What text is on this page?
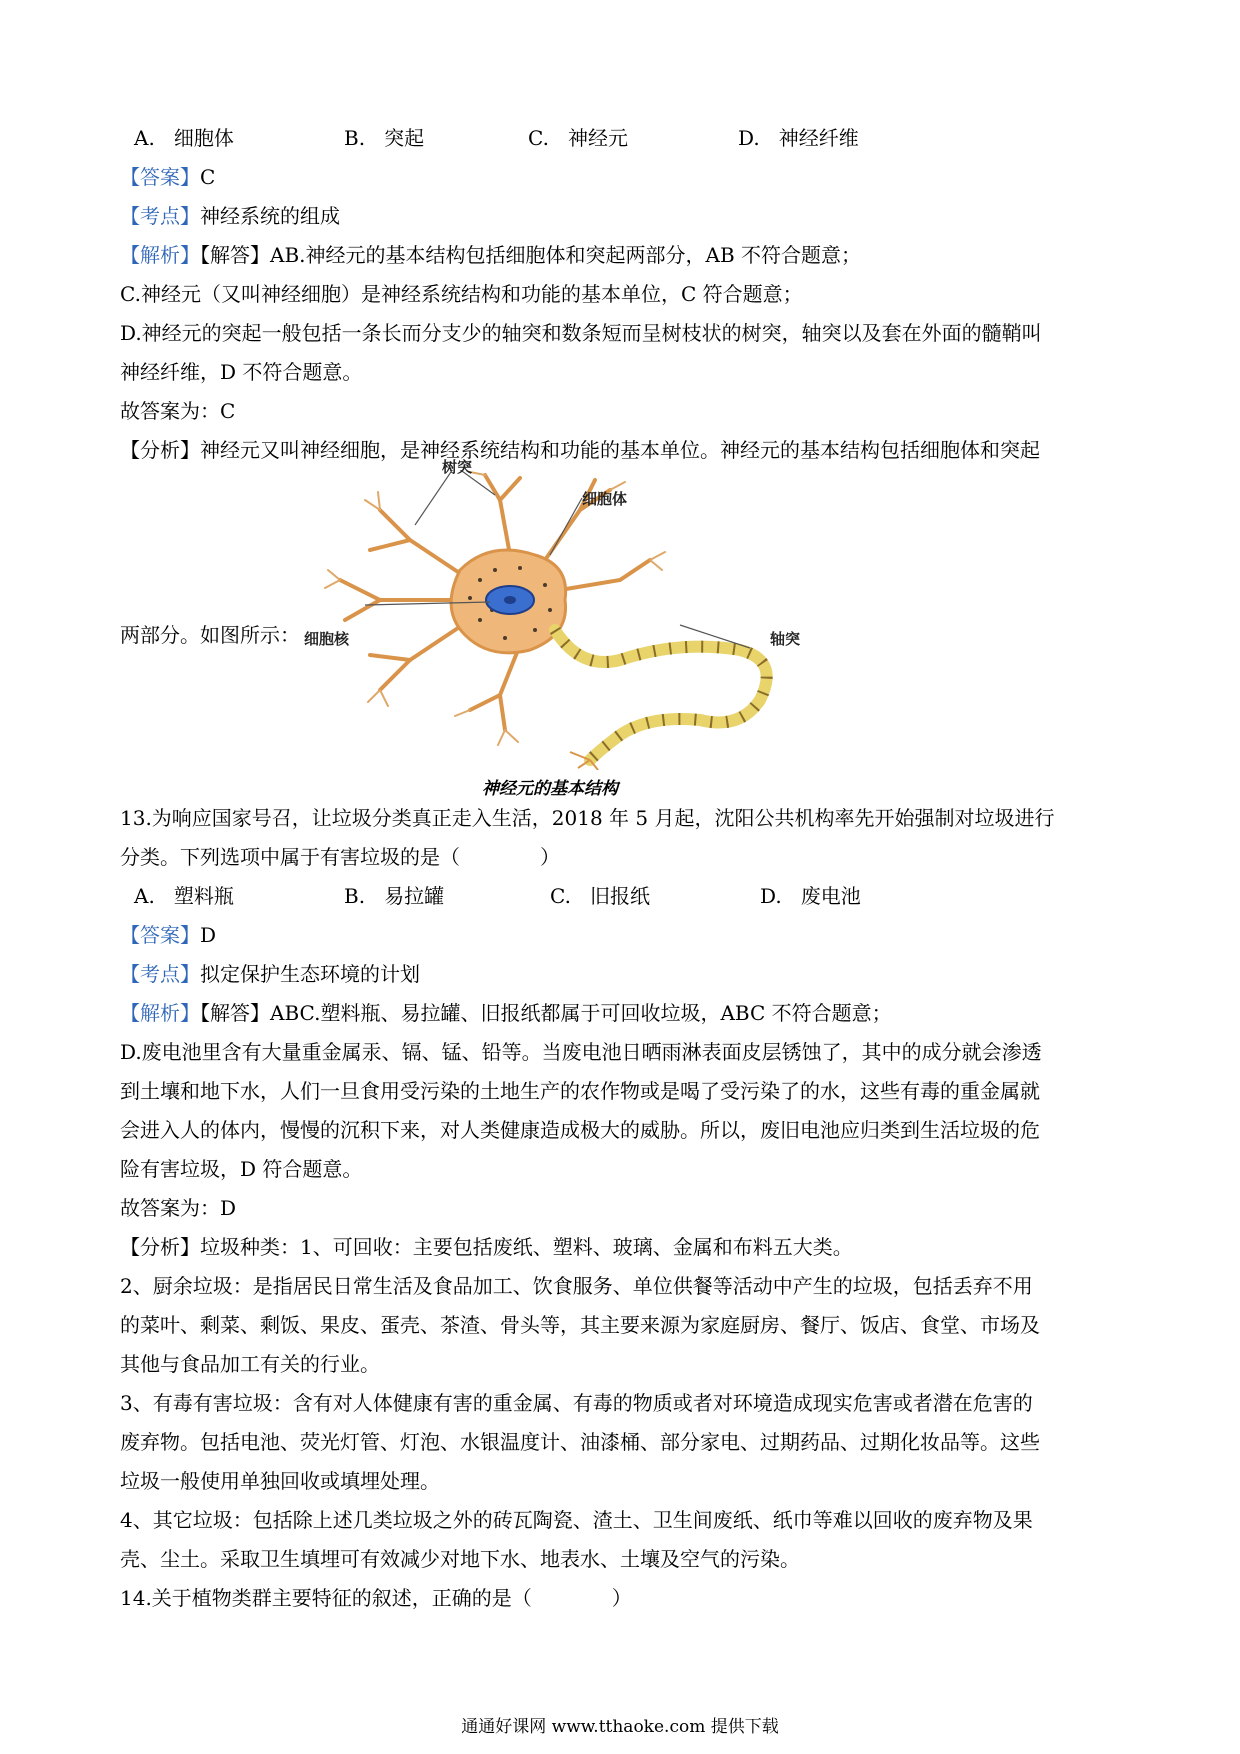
A. 细胞体	B. 突起	C. 神经元	D. 神经纤维
【答案】C
【考点】神经系统的组成
【解析】【解答】AB.神经元的基本结构包括细胞体和突起两部分，AB 不符合题意；
C.神经元（又叫神经细胞）是神经系统结构和功能的基本单位，C 符合题意；
D.神经元的突起一般包括一条长而分支少的轴突和数条短而呈树枝状的树突，轴突以及套在外面的髓鞘叫
神经纤维，D 不符合题意。
故答案为：C
【分析】神经元又叫神经细胞，是神经系统结构和功能的基本单位。神经元的基本结构包括细胞体和突起
两部分。如图所示：
树突
细胞体
细胞核	轴突
神经元的基本结构
13.为响应国家号召，让垃圾分类真正走入生活，2018 年 5 月起，沈阳公共机构率先开始强制对垃圾进行
分类。下列选项中属于有害垃圾的是（　　　　）
A. 塑料瓶	B. 易拉罐	C. 旧报纸	D. 废电池
【答案】D
【考点】拟定保护生态环境的计划
【解析】【解答】ABC.塑料瓶、易拉罐、旧报纸都属于可回收垃圾，ABC 不符合题意；
D.废电池里含有大量重金属汞、镉、锰、铅等。当废电池日晒雨淋表面皮层锈蚀了，其中的成分就会渗透
到土壤和地下水，人们一旦食用受污染的土地生产的农作物或是喝了受污染了的水，这些有毒的重金属就
会进入人的体内，慢慢的沉积下来，对人类健康造成极大的威胁。所以，废旧电池应归类到生活垃圾的危
险有害垃圾，D 符合题意。
故答案为：D
【分析】垃圾种类：1、可回收：主要包括废纸、塑料、玻璃、金属和布料五大类。
2、厨余垃圾：是指居民日常生活及食品加工、饮食服务、单位供餐等活动中产生的垃圾，包括丢弃不用
的菜叶、剩菜、剩饭、果皮、蛋壳、茶渣、骨头等，其主要来源为家庭厨房、餐厅、饭店、食堂、市场及
其他与食品加工有关的行业。
3、有毒有害垃圾：含有对人体健康有害的重金属、有毒的物质或者对环境造成现实危害或者潜在危害的
废弃物。包括电池、荧光灯管、灯泡、水银温度计、油漆桶、部分家电、过期药品、过期化妆品等。这些
垃圾一般使用单独回收或填埋处理。
4、其它垃圾：包括除上述几类垃圾之外的砖瓦陶瓷、渣土、卫生间废纸、纸巾等难以回收的废弃物及果
壳、尘土。采取卫生填埋可有效减少对地下水、地表水、土壤及空气的污染。
14.关于植物类群主要特征的叙述，正确的是（　　　　）
通通好课网 www.tthaoke.com 提供下载
